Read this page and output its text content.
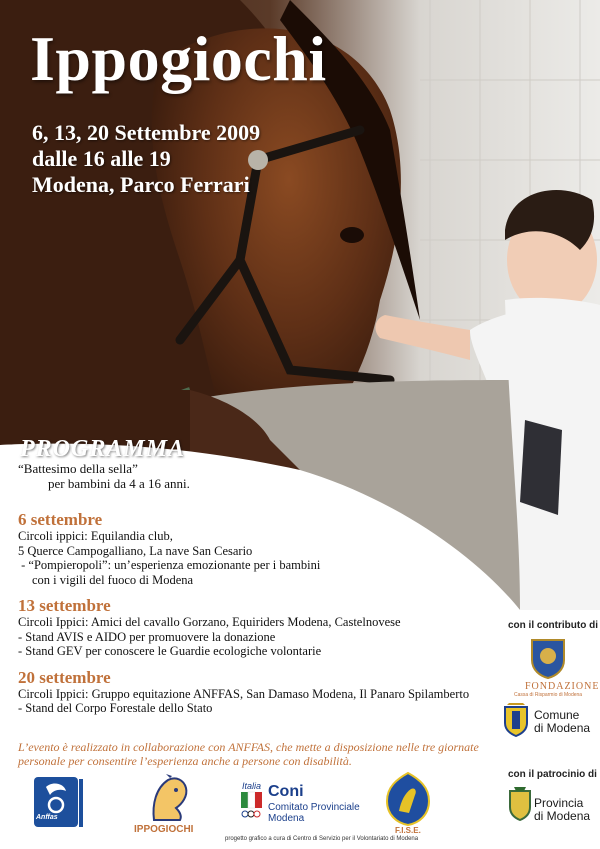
Ippogiochi
6, 13, 20 Settembre 2009
dalle 16 alle 19
Modena, Parco Ferrari
PROGRAMMA
“Battesimo della sella”
per bambini da 4 a 16 anni.
6 settembre
Circoli ippici: Equilandia club,
5 Querce Campogalliano, La nave San Cesario
- “Pompieropoli”: un’esperienza emozionante per i bambini
con i vigili del fuoco di Modena
13 settembre
Circoli Ippici: Amici del cavallo Gorzano, Equiriders Modena, Castelnovese
- Stand AVIS e AIDO per promuovere la donazione
- Stand GEV per conoscere le Guardie ecologiche volontarie
20 settembre
Circoli Ippici: Gruppo equitazione ANFFAS, San Damaso Modena, Il Panaro Spilamberto
- Stand del Corpo Forestale dello Stato
L’evento è realizzato in collaborazione con ANFFAS, che mette a disposizione nelle tre giornate personale per consentire l’esperienza anche a persone con disabilità.
con il contributo di
FONDAZIONE
Cassa di Risparmio di Modena
Comune
di Modena
con il patrocinio di
Provincia
di Modena
Anffas
IPPOGIOCHI
Italia Coni
Comitato Provinciale
Modena
F.I.S.E.
progetto grafico a cura di Centro di Servizio per il Volontariato di Modena
